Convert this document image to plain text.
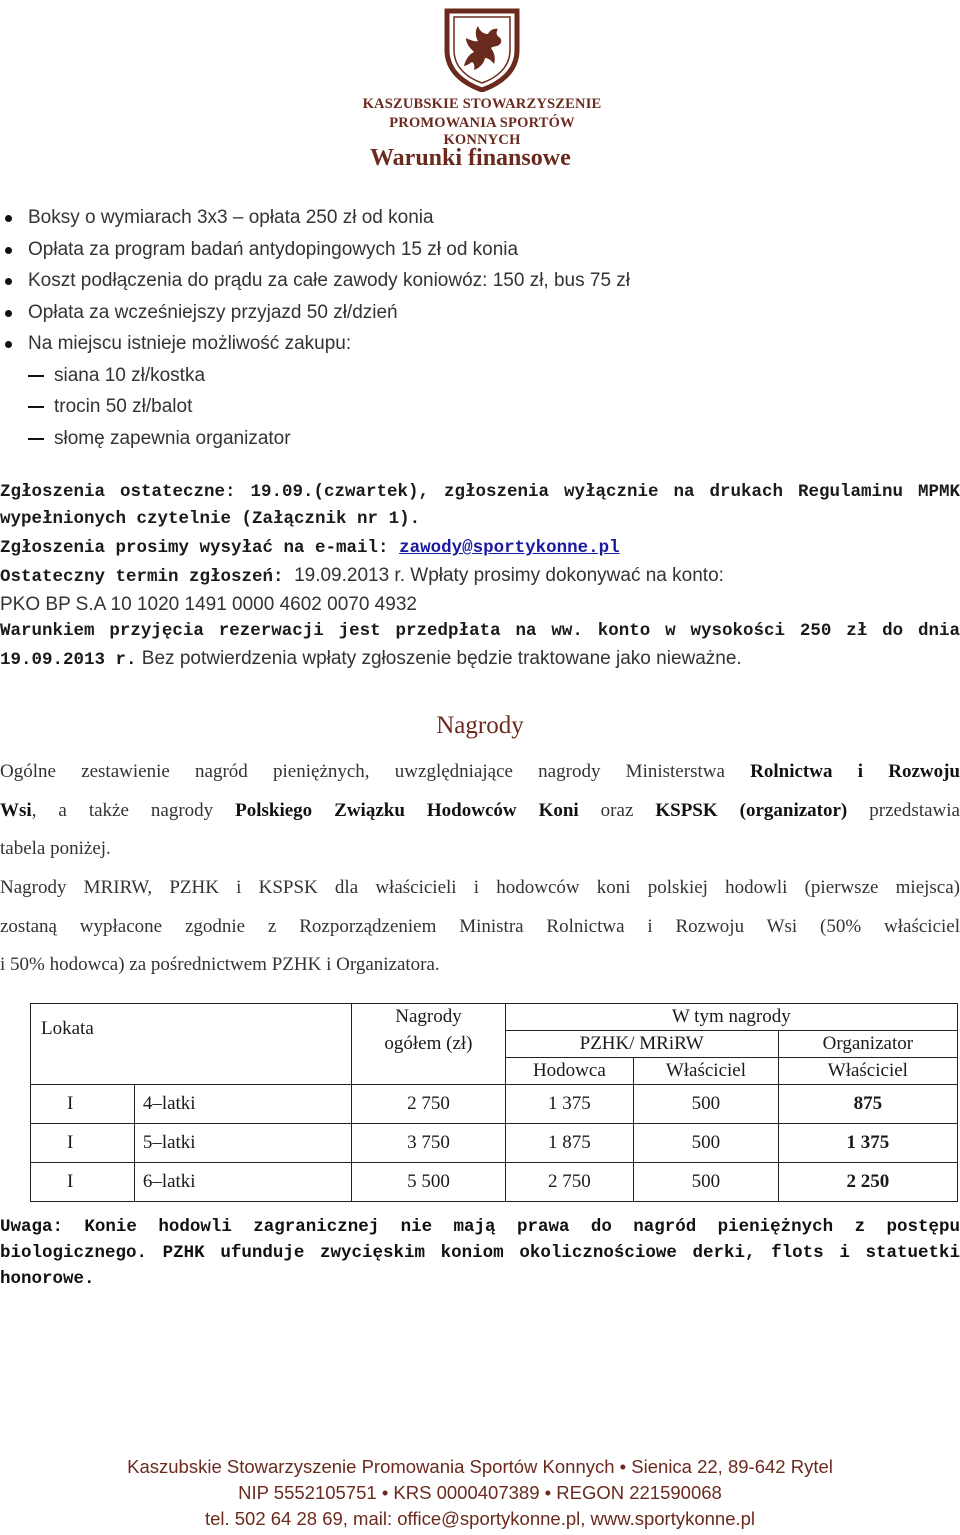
KASZUBSKIE STOWARZYSZENIE
PROMOWANIA SPORTÓW KONNYCH
Warunki finansowe
Boksy o wymiarach 3x3 – opłata 250 zł od konia
Opłata za program badań antydopingowych 15 zł od konia
Koszt podłączenia do prądu za całe zawody koniowóz: 150 zł, bus 75 zł
Opłata za wcześniejszy przyjazd 50 zł/dzień
Na miejscu istnieje możliwość zakupu:
siana 10 zł/kostka
trocin 50 zł/balot
słomę zapewnia organizator
Zgłoszenia ostateczne: 19.09.(czwartek), zgłoszenia wyłącznie na drukach Regulaminu MPMK
wypełnionych czytelnie (Załącznik nr 1).
Zgłoszenia prosimy wysyłać na e-mail: zawody@sportykonne.pl
Ostateczny termin zgłoszeń: 19.09.2013 r. Wpłaty prosimy dokonywać na konto:
PKO BP S.A 10 1020 1491 0000 4602 0070 4932
Warunkiem przyjęcia rezerwacji jest przedpłata na ww. konto w wysokości 250 zł do dnia
19.09.2013 r. Bez potwierdzenia wpłaty zgłoszenie będzie traktowane jako nieważne.
Nagrody
Ogólne zestawienie nagród pieniężnych, uwzględniające nagrody Ministerstwa Rolnictwa i Rozwoju
Wsi, a także nagrody Polskiego Związku Hodowców Koni oraz KSPSK (organizator) przedstawia
tabela poniżej.
Nagrody MRIRW, PZHK i KSPSK dla właścicieli i hodowców koni polskiej hodowli (pierwsze miejsca)
zostaną wypłacone zgodnie z Rozporządzeniem Ministra Rolnictwa i Rozwoju Wsi (50% właściciel
i 50% hodowca) za pośrednictwem PZHK i Organizatora.
Lokata		Nagrody	W tym nagrody		
		ogółem (zł)	PZHK/ MRiRW		Organizator
			Hodowca	Właściciel	Właściciel
I	4–latki	2 750	1 375	500	875
I	5–latki	3 750	1 875	500	1 375
I	6–latki	5 500	2 750	500	2 250
Uwaga: Konie hodowli zagranicznej nie mają prawa do nagród pieniężnych z postępu
biologicznego. PZHK ufunduje zwycięskim koniom okolicznościowe derki, flots i statuetki
honorowe.
Kaszubskie Stowarzyszenie Promowania Sportów Konnych • Sienica 22, 89-642 Rytel
NIP 5552105751 • KRS 0000407389 • REGON 221590068
tel. 502 64 28 69, mail: office@sportykonne.pl, www.sportykonne.pl
